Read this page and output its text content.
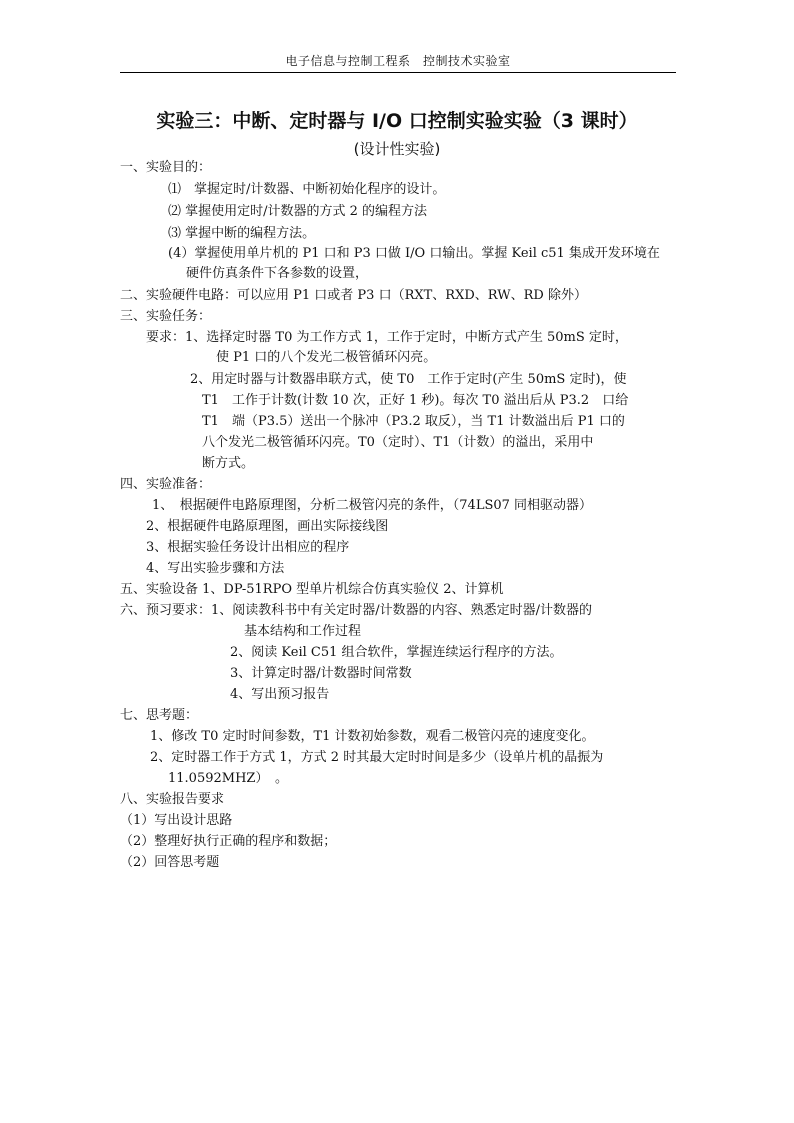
电子信息与控制工程系　控制技术实验室
实验三：中断、定时器与 I/O 口控制实验实验（3 课时）
(设计性实验)
一、实验目的：
⑴　掌握定时/计数器、中断初始化程序的设计。
⑵ 掌握使用定时/计数器的方式 2 的编程方法
⑶ 掌握中断的编程方法。
(4）掌握使用单片机的 P1 口和 P3 口做 I/O 口输出。掌握 Keil c51 集成开发环境在
硬件仿真条件下各参数的设置，
二、实验硬件电路：可以应用 P1 口或者 P3 口（RXT、RXD、RW、RD 除外）
三、实验任务：
要求：1、选择定时器 T0 为工作方式 1，工作于定时，中断方式产生 50mS 定时，
使 P1 口的八个发光二极管循环闪亮。
2、用定时器与计数器串联方式，使 T0　工作于定时(产生 50mS 定时)，使
T1　工作于计数(计数 10 次，正好 1 秒)。每次 T0 溢出后从 P3.2　口给
T1　端（P3.5）送出一个脉冲（P3.2 取反），当 T1 计数溢出后 P1 口的
八个发光二极管循环闪亮。T0（定时）、T1（计数）的溢出，采用中
断方式。
四、实验准备：
1、　根据硬件电路原理图，分析二极管闪亮的条件，（74LS07 同相驱动器）
2、根据硬件电路原理图，画出实际接线图
3、根据实验任务设计出相应的程序
4、写出实验步骤和方法
五、实验设备 1、DP-51RPO 型单片机综合仿真实验仪 2、计算机
六、预习要求：1、阅读教科书中有关定时器/计数器的内容、熟悉定时器/计数器的
基本结构和工作过程
2、阅读 Keil C51 组合软件，掌握连续运行程序的方法。
3、计算定时器/计数器时间常数
4、写出预习报告
七、思考题：
1、修改 T0 定时时间参数，T1 计数初始参数，观看二极管闪亮的速度变化。
2、定时器工作于方式 1，方式 2 时其最大定时时间是多少（设单片机的晶振为
11.0592MHZ）　。
八、实验报告要求
（1）写出设计思路
（2）整理好执行正确的程序和数据；
（2）回答思考题
